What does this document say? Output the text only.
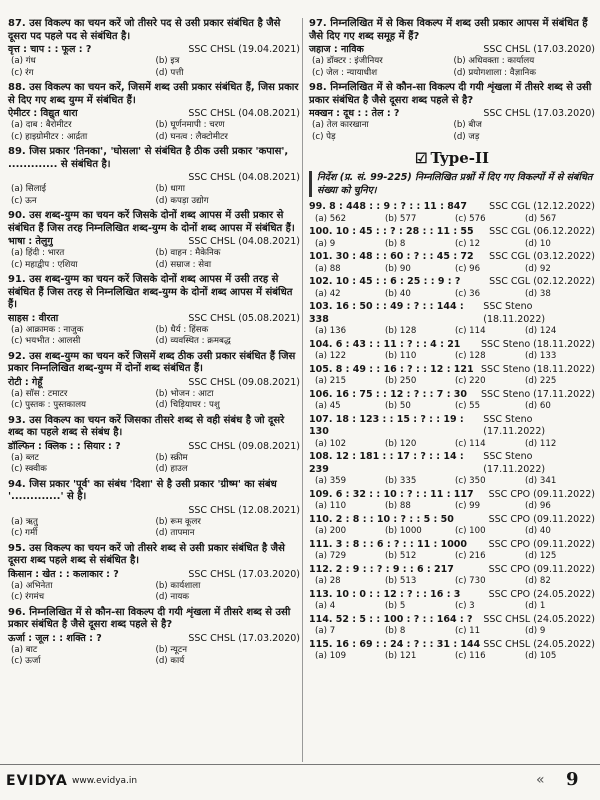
87. उस विकल्प का चयन करें जो तीसरे पद से उसी प्रकार संबंधित है जैसे दूसरा पद पहले पद से संबंधित है।
वृत्त : चाप : : फूल : ?	SSC CHSL (19.04.2021)
(a) गंध	(b) इत्र
(c) रंग	(d) पत्ती
88. उस विकल्प का चयन करें, जिसमें शब्द उसी प्रकार संबंधित हैं, जिस प्रकार से दिए गए शब्द युग्म में संबंधित हैं।
ऐमीटर : विद्युत धारा	SSC CHSL (04.08.2021)
(a) दाब : बैरोमीटर	(b) घूर्णनमापी : चरण
(c) हाइग्रोमीटर : आर्द्रता	(d) घनत्व : लैक्टोमीटर
89. जिस प्रकार 'तिनका', 'घोसला' से संबंधित है ठीक उसी प्रकार 'कपास', ............. से संबंधित है।
SSC CHSL (04.08.2021)
(a) सिलाई	(b) धागा
(c) ऊन	(d) कपड़ा उद्योग
90. उस शब्द-युग्म का चयन करें जिसके दोनों शब्द आपस में उसी प्रकार से संबंधित हैं जिस तरह निम्नलिखित शब्द-युग्म के दोनों शब्द आपस में संबंधित हैं।
भाषा : तेलुगु	SSC CHSL (04.08.2021)
(a) हिंदी : भारत	(b) वाहन : मैकेनिक
(c) महाद्वीप : एशिया	(d) सम्राज : सेवा
91. उस शब्द-युग्म का चयन करें जिसके दोनों शब्द आपस में उसी तरह से संबंधित हैं जिस तरह से निम्नलिखित शब्द-युग्म के दोनों शब्द आपस में संबंधित हैं।
साहस : वीरता	SSC CHSL (05.08.2021)
(a) आक्रामक : नाजुक	(b) धैर्य : हिंसक
(c) भयभीत : आलसी	(d) व्यवस्थित : क्रमबद्ध
92. उस शब्द-युग्म का चयन करें जिसमें शब्द ठीक उसी प्रकार संबंधित हैं जिस प्रकार निम्नलिखित शब्द-युग्म में दोनों शब्द संबंधित हैं।
रोटी : गेहूँ	SSC CHSL (09.08.2021)
(a) सॉस : टमाटर	(b) भोजन : आटा
(c) पुस्तक : पुस्तकालय	(d) चिड़ियाघर : पशु
93. उस विकल्प का चयन करें जिसका तीसरे शब्द से वही संबंध है जो दूसरे शब्द का पहले शब्द से संबंध है।
डॉल्फिन : क्लिक : : सियार : ?	SSC CHSL (09.08.2021)
(a) ब्लट	(b) स्क्रीम
(c) स्क्वीक	(d) हाउल
94. जिस प्रकार 'पूर्व' का संबंध 'दिशा' से है उसी प्रकार 'ग्रीष्म' का संबंध '.............' से है।
SSC CHSL (12.08.2021)
(a) ऋतु	(b) रूम कूलर
(c) गर्मी	(d) तापमान
95. उस विकल्प का चयन करें जो तीसरे शब्द से उसी प्रकार संबंधित है जैसे दूसरा शब्द पहले शब्द से संबंधित है।
किसान : खेत : : कलाकार : ?	SSC CHSL (17.03.2020)
(a) अभिनेता	(b) कार्यशाला
(c) रंगमंच	(d) नायक
96. निम्नलिखित में से कौन-सा विकल्प दी गयी शृंखला में तीसरे शब्द से उसी प्रकार संबंधित है जैसे दूसरा शब्द पहले से है?
ऊर्जा : जूल : : शक्ति : ?	SSC CHSL (17.03.2020)
(a) बाट	(b) न्यूटन
(c) ऊर्जा	(d) कार्य
97. निम्नलिखित में से किस विकल्प में शब्द उसी प्रकार आपस में संबंधित हैं जैसे दिए गए शब्द समूह में हैं?
जहाज : नाविक	SSC CHSL (17.03.2020)
(a) डॉक्टर : इंजीनियर	(b) अधिवक्ता : कार्यालय
(c) जेल : न्यायाधीश	(d) प्रयोगशाला : वैज्ञानिक
98. निम्नलिखित में से कौन-सा विकल्प दी गयी शृंखला में तीसरे शब्द से उसी प्रकार संबंधित है जैसे दूसरा शब्द पहले से है?
मक्खन : दूध : : तेल : ?	SSC CHSL (17.03.2020)
(a) तेल कारखाना	(b) बीज
(c) पेड़	(d) जड़
☑ Type-II
निर्देश (प्र. सं. 99-225) निम्नलिखित प्रश्नों में दिए गए विकल्पों में से संबंधित संख्या को चुनिए।
99. 8 : 448 : : 9 : ? : : 11 : 847 SSC CGL (12.12.2022)
(a) 562	(b) 577	(c) 576	(d) 567
100. 10 : 45 : : ? : 28 : : 11 : 55 SSC CGL (06.12.2022)
(a) 9	(b) 8	(c) 12	(d) 10
101. 30 : 48 : : 60 : ? : : 45 : 72 SSC CGL (03.12.2022)
(a) 88	(b) 90	(c) 96	(d) 92
102. 10 : 45 : : 6 : 25 : : 9 : ?	SSC CGL (02.12.2022)
(a) 42	(b) 40	(c) 36	(d) 38
103. 16 : 50 : : 49 : ? : : 144 : 338
SSC Steno (18.11.2022)
(a) 136	(b) 128	(c) 114	(d) 124
104. 6 : 43 : : 11 : ? : : 4 : 21 SSC Steno (18.11.2022)
(a) 122	(b) 110	(c) 128	(d) 133
105. 8 : 49 : : 16 : ? : : 12 : 121 SSC Steno (18.11.2022)
(a) 215	(b) 250	(c) 220	(d) 225
106. 16 : 75 : : 12 : ? : : 7 : 30 SSC Steno (17.11.2022)
(a) 45	(b) 50	(c) 55	(d) 60
107. 18 : 123 : : 15 : ? : : 19 : 130
SSC Steno (17.11.2022)
(a) 102	(b) 120	(c) 114	(d) 112
108. 12 : 181 : : 17 : ? : : 14 : 239
SSC Steno (17.11.2022)
(a) 359	(b) 335	(c) 350	(d) 341
109. 6 : 32 : : 10 : ? : : 11 : 117 SSC CPO (09.11.2022)
(a) 110	(b) 88	(c) 99	(d) 96
110. 2 : 8 : : 10 : ? : : 5 : 50	SSC CPO (09.11.2022)
(a) 200	(b) 1000	(c) 100	(d) 40
111. 3 : 8 : : 6 : ? : : 11 : 1000 SSC CPO (09.11.2022)
(a) 729	(b) 512	(c) 216	(d) 125
112. 2 : 9 : : ? : 9 : : 6 : 217	SSC CPO (09.11.2022)
(a) 28	(b) 513	(c) 730	(d) 82
113. 10 : 0 : : 12 : ? : : 16 : 3	SSC CPO (24.05.2022)
(a) 4	(b) 5	(c) 3	(d) 1
114. 52 : 5 : : 100 : ? : : 164 : ? SSC CHSL (24.05.2022)
(a) 7	(b) 8	(c) 11	(d) 9
115. 16 : 69 : : 24 : ? : : 31 : 144 SSC CHSL (24.05.2022)
(a) 109	(b) 121	(c) 116	(d) 105
EVIDYA www.evidya.in	« 9
